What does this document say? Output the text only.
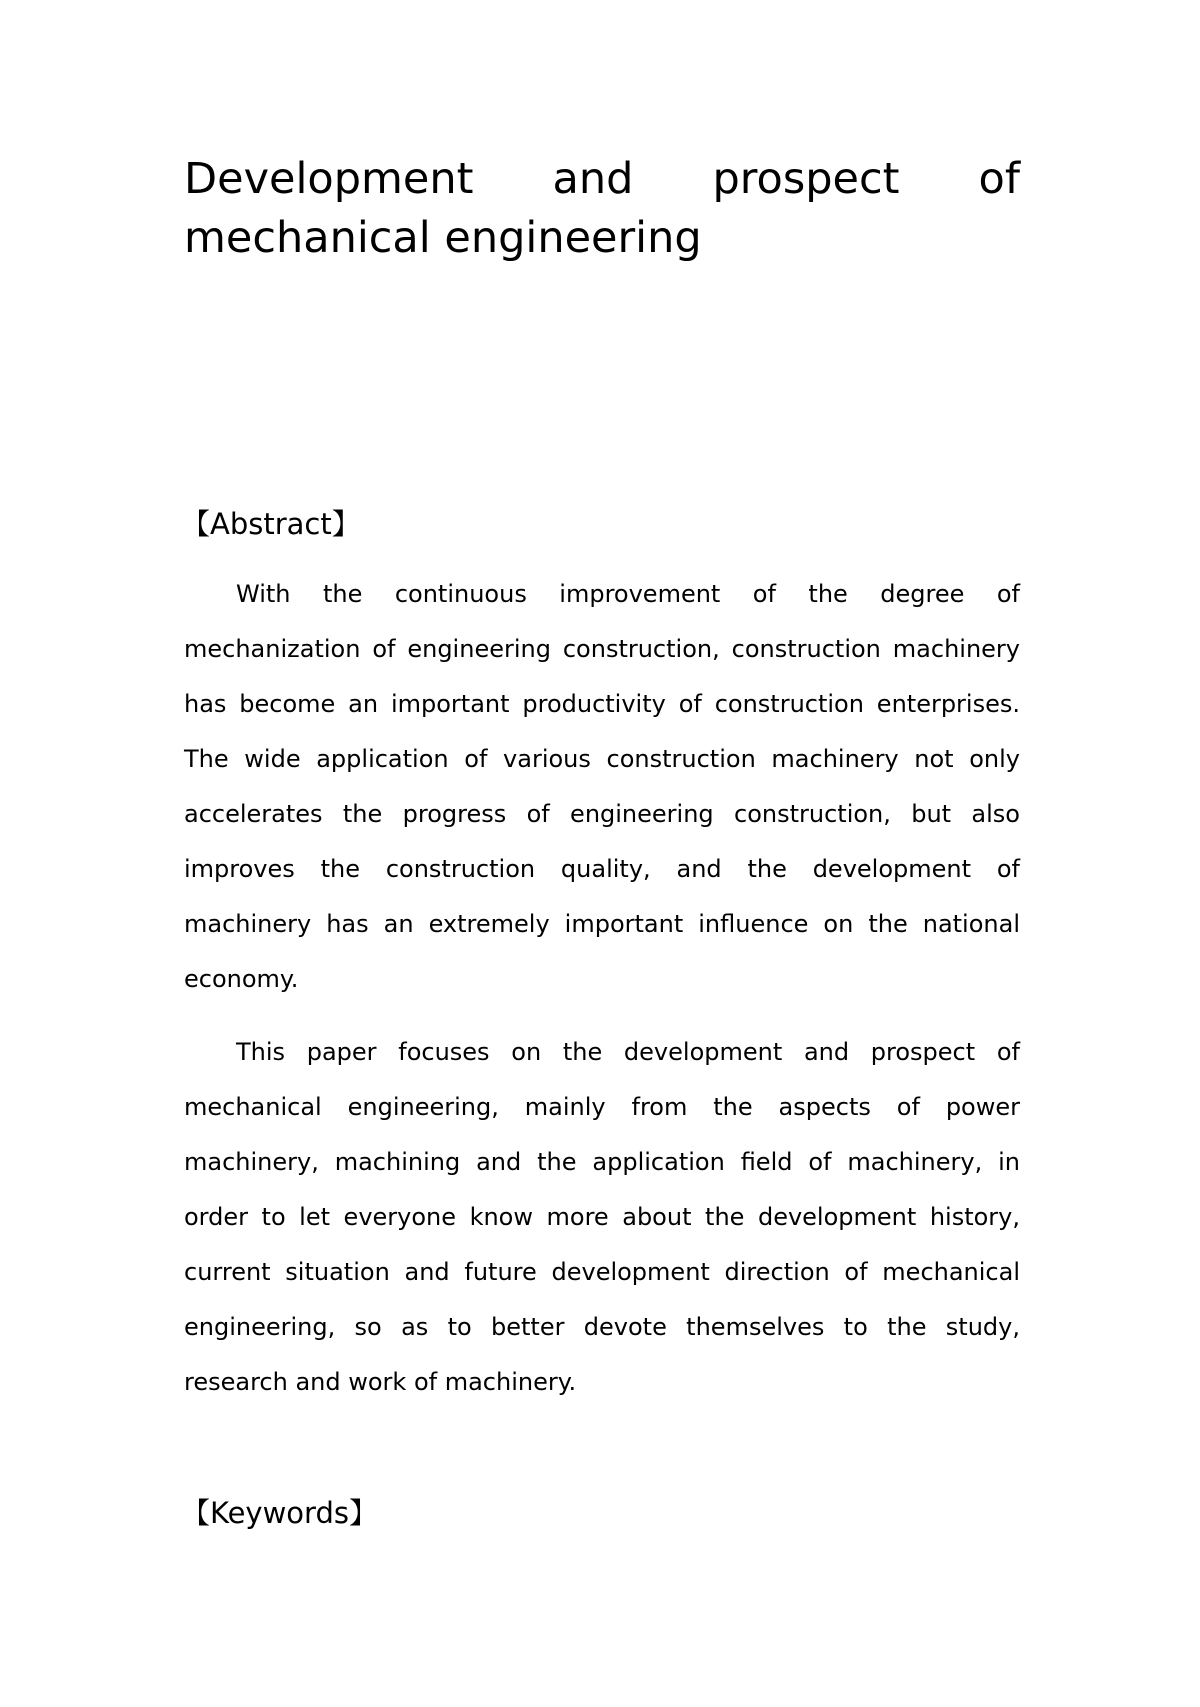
Development and prospect of mechanical engineering
【Abstract】

With the continuous improvement of the degree of mechanization of engineering construction, construction machinery has become an important productivity of construction enterprises. The wide application of various construction machinery not only accelerates the progress of engineering construction, but also improves the construction quality, and the development of machinery has an extremely important influence on the national economy.

This paper focuses on the development and prospect of mechanical engineering, mainly from the aspects of power machinery, machining and the application field of machinery, in order to let everyone know more about the development history, current situation and future development direction of mechanical engineering, so as to better devote themselves to the study, research and work of machinery.

【Keywords】
